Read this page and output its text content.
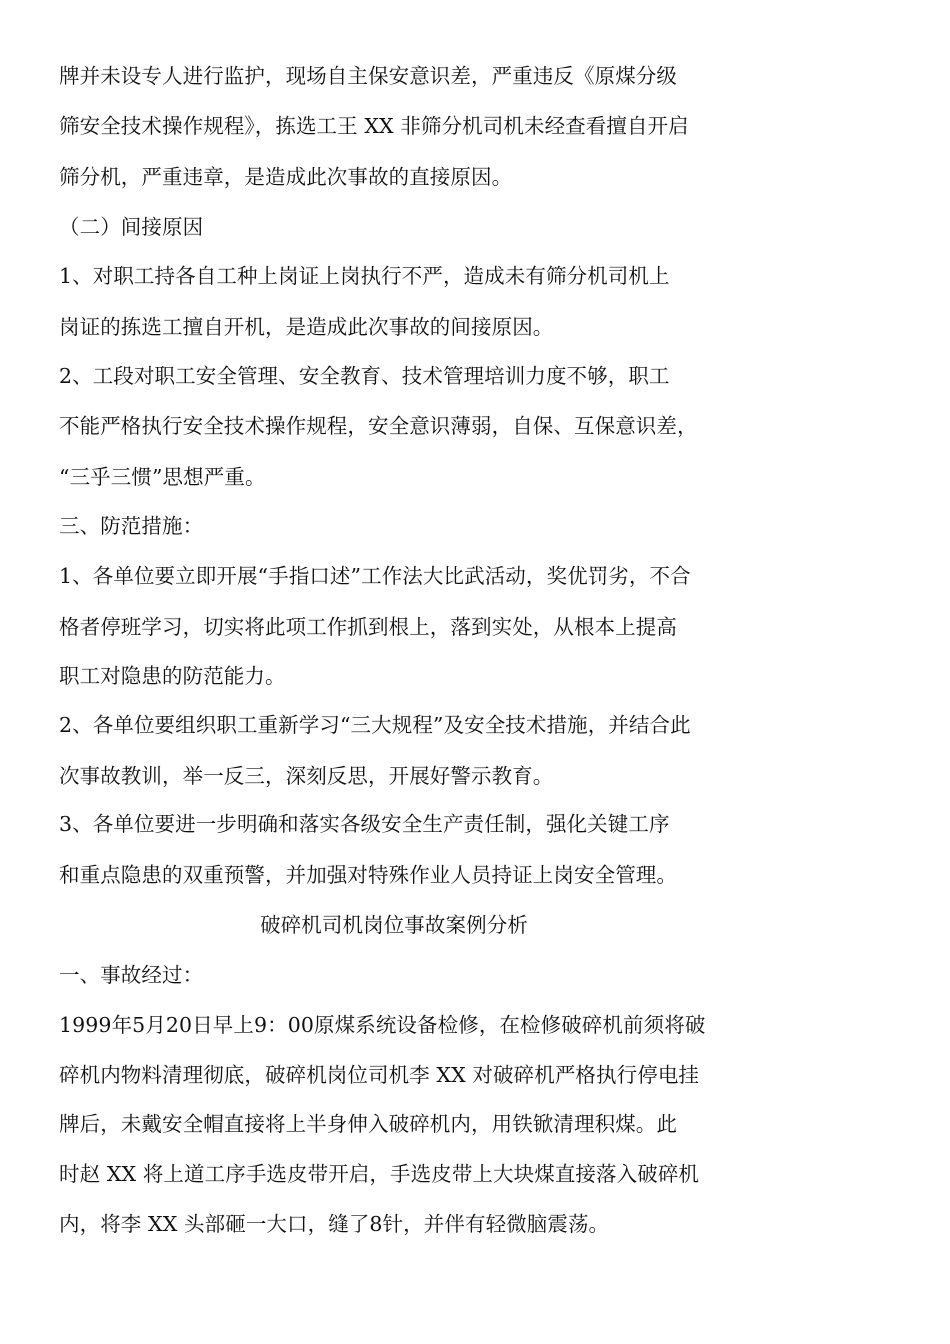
牌并未设专人进行监护，现场自主保安意识差，严重违反《原煤分级
筛安全技术操作规程》，拣选工王 XX 非筛分机司机未经查看擅自开启
筛分机，严重违章，是造成此次事故的直接原因。
（二）间接原因
1、对职工持各自工种上岗证上岗执行不严，造成未有筛分机司机上
岗证的拣选工擅自开机，是造成此次事故的间接原因。
2、工段对职工安全管理、安全教育、技术管理培训力度不够，职工
不能严格执行安全技术操作规程，安全意识薄弱，自保、互保意识差，
“三乎三惯”思想严重。
三、防范措施：
1、各单位要立即开展“手指口述”工作法大比武活动，奖优罚劣，不合
格者停班学习，切实将此项工作抓到根上，落到实处，从根本上提高
职工对隐患的防范能力。
2、各单位要组织职工重新学习“三大规程”及安全技术措施，并结合此
次事故教训，举一反三，深刻反思，开展好警示教育。
3、各单位要进一步明确和落实各级安全生产责任制，强化关键工序
和重点隐患的双重预警，并加强对特殊作业人员持证上岗安全管理。
破碎机司机岗位事故案例分析
一、事故经过：
1999年5月20日早上9：00原煤系统设备检修，在检修破碎机前须将破
碎机内物料清理彻底，破碎机岗位司机李 XX 对破碎机严格执行停电挂
牌后，未戴安全帽直接将上半身伸入破碎机内，用铁锨清理积煤。此
时赵 XX 将上道工序手选皮带开启，手选皮带上大块煤直接落入破碎机
内，将李 XX 头部砸一大口，缝了8针，并伴有轻微脑震荡。
